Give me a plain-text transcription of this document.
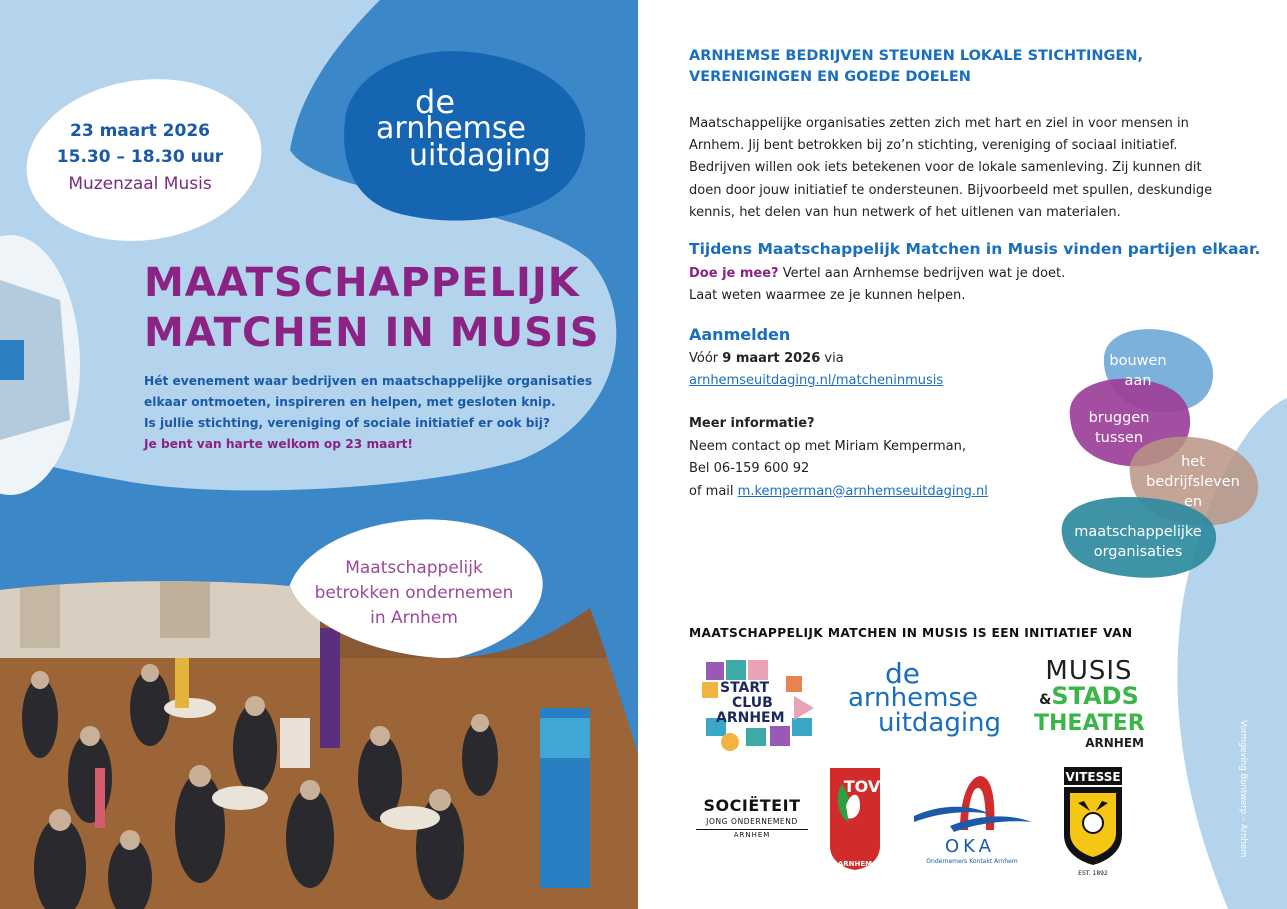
23 maart 2026
15.30 – 18.30 uur
Muzenzaal Musis
de
arnhemse
uitdaging
MAATSCHAPPELIJK
MATCHEN IN MUSIS
Hét evenement waar bedrijven en maatschappelijke organisaties
elkaar ontmoeten, inspireren en helpen, met gesloten knip.
Is jullie stichting, vereniging of sociale initiatief er ook bij?
Je bent van harte welkom op 23 maart!
Maatschappelijk
betrokken ondernemen
in Arnhem
ARNHEMSE BEDRIJVEN STEUNEN LOKALE STICHTINGEN,
VERENIGINGEN EN GOEDE DOELEN

Maatschappelijke organisaties zetten zich met hart en ziel in voor mensen in
Arnhem. Jij bent betrokken bij zo’n stichting, vereniging of sociaal initiatief.
Bedrijven willen ook iets betekenen voor de lokale samenleving. Zij kunnen dit
doen door jouw initiatief te ondersteunen. Bijvoorbeeld met spullen, deskundige
kennis, het delen van hun netwerk of het uitlenen van materialen.

Tijdens Maatschappelijk Matchen in Musis vinden partijen elkaar.
Doe je mee? Vertel aan Arnhemse bedrijven wat je doet.
Laat weten waarmee ze je kunnen helpen.
Aanmelden
Vóór 9 maart 2026 via
arnhemseuitdaging.nl/matcheninmusis
Meer informatie?
Neem contact op met Miriam Kemperman,
Bel 06-159 600 92
of mail m.kemperman@arnhemseuitdaging.nl
bouwen
aan
bruggen
tussen
het
bedrijfsleven
en
maatschappelijke
organisaties
MAATSCHAPPELIJK MATCHEN IN MUSIS IS EEN INITIATIEF VAN
START
CLUB
ARNHEM
de
arnhemse
uitdaging
MUSIS
&STADS
THEATER
ARNHEM
SOCIËTEIT
JONG ONDERNEMEND
ARNHEM
TOV
ARNHEM
OKA
Ondernemers Kontakt Arnhem
VITESSE
EST. 1892
Vormgeving Bontwerp – Arnhem
